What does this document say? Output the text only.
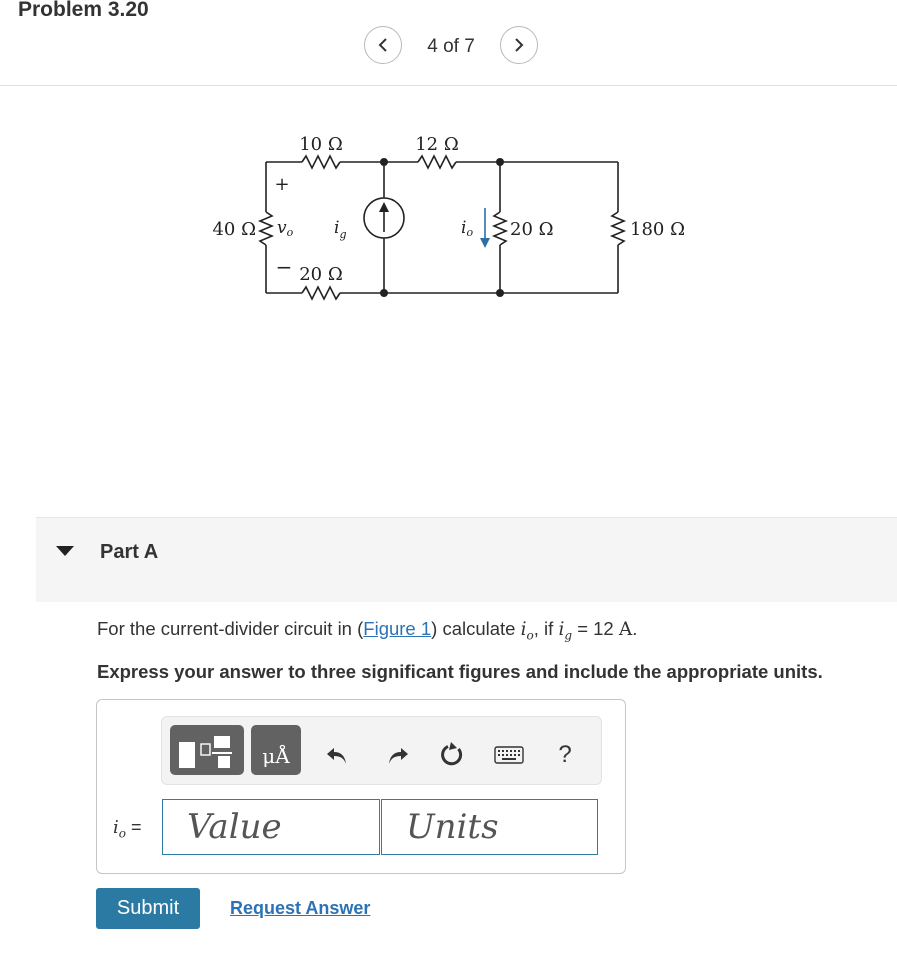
Problem 3.20
4 of 7
10 Ω	12 Ω
40 Ω
20 Ω
20 Ω	180 Ω
+
−
vo $i_g$	io
Part A
For the current-divider circuit in (Figure 1) calculate $i_o$, if $i_g = 12$ A.
Express your answer to three significant figures and include the appropriate units.
μÅ	?
$i_o$ =
Value
Units
Submit	Request Answer
